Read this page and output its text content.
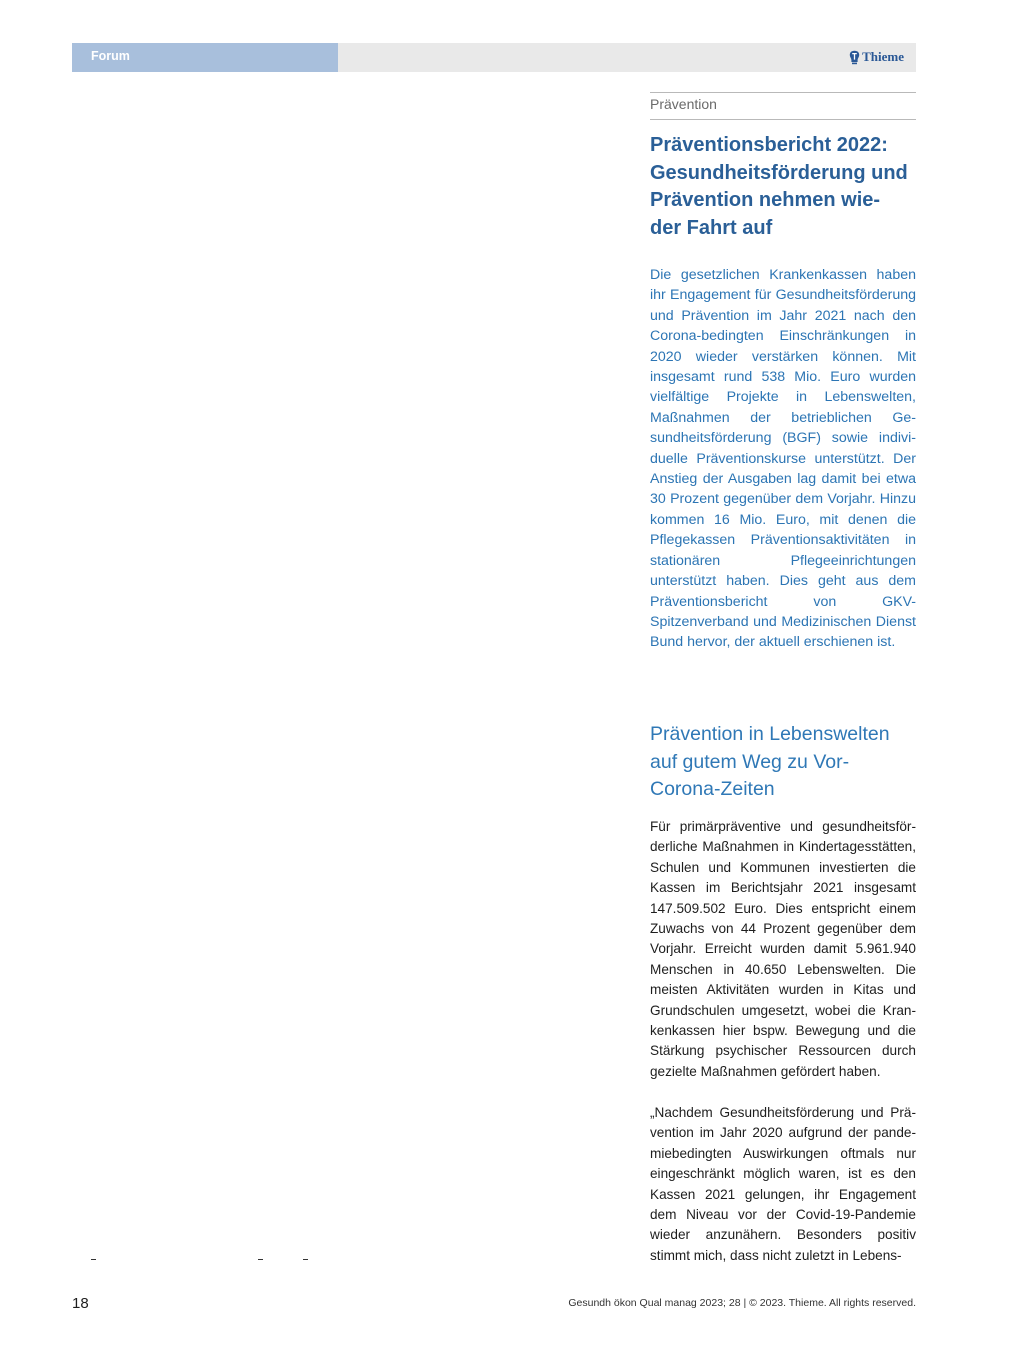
Forum	Thieme
Prävention
Präventionsbericht 2022:
Gesundheitsförderung und
Prävention nehmen wie-
der Fahrt auf
Die gesetzlichen Krankenkassen haben ihr Engagement für Gesundheitsförderung und Prävention im Jahr 2021 nach den Corona-bedingten Einschränkungen in 2020 wieder verstärken können. Mit insgesamt rund 538 Mio. Euro wurden vielfältige Projekte in Lebenswelten, Maßnahmen der betrieblichen Gesundheitsförderung (BGF) sowie individuelle Präventionskurse unterstützt. Der Anstieg der Ausgaben lag damit bei etwa 30 Prozent gegenüber dem Vorjahr. Hinzu kommen 16 Mio. Euro, mit denen die Pflegekassen Präventionsaktivitäten in stationären Pflegeeinrichtungen unterstützt haben. Dies geht aus dem Präventionsbericht von GKV-Spitzenverband und Medizinischen Dienst Bund hervor, der aktuell erschienen ist.
Prävention in Lebenswelten
auf gutem Weg zu Vor-
Corona-Zeiten
Für primärpräventive und gesundheitsförderliche Maßnahmen in Kindertagesstätten, Schulen und Kommunen investierten die Kassen im Berichtsjahr 2021 insgesamt 147.509.502 Euro. Dies entspricht einem Zuwachs von 44 Prozent gegenüber dem Vorjahr. Erreicht wurden damit 5.961.940 Menschen in 40.650 Lebenswelten. Die meisten Aktivitäten wurden in Kitas und Grundschulen umgesetzt, wobei die Krankenkassen hier bspw. Bewegung und die Stärkung psychischer Ressourcen durch gezielte Maßnahmen gefördert haben.
„Nachdem Gesundheitsförderung und Prävention im Jahr 2020 aufgrund der pandemiebedingten Auswirkungen oftmals nur eingeschränkt möglich waren, ist es den Kassen 2021 gelungen, ihr Engagement dem Niveau vor der Covid-19-Pandemie wieder anzunähern. Besonders positiv stimmt mich, dass nicht zuletzt in Lebens-
18	Gesundh ökon Qual manag 2023; 28 | © 2023. Thieme. All rights reserved.
